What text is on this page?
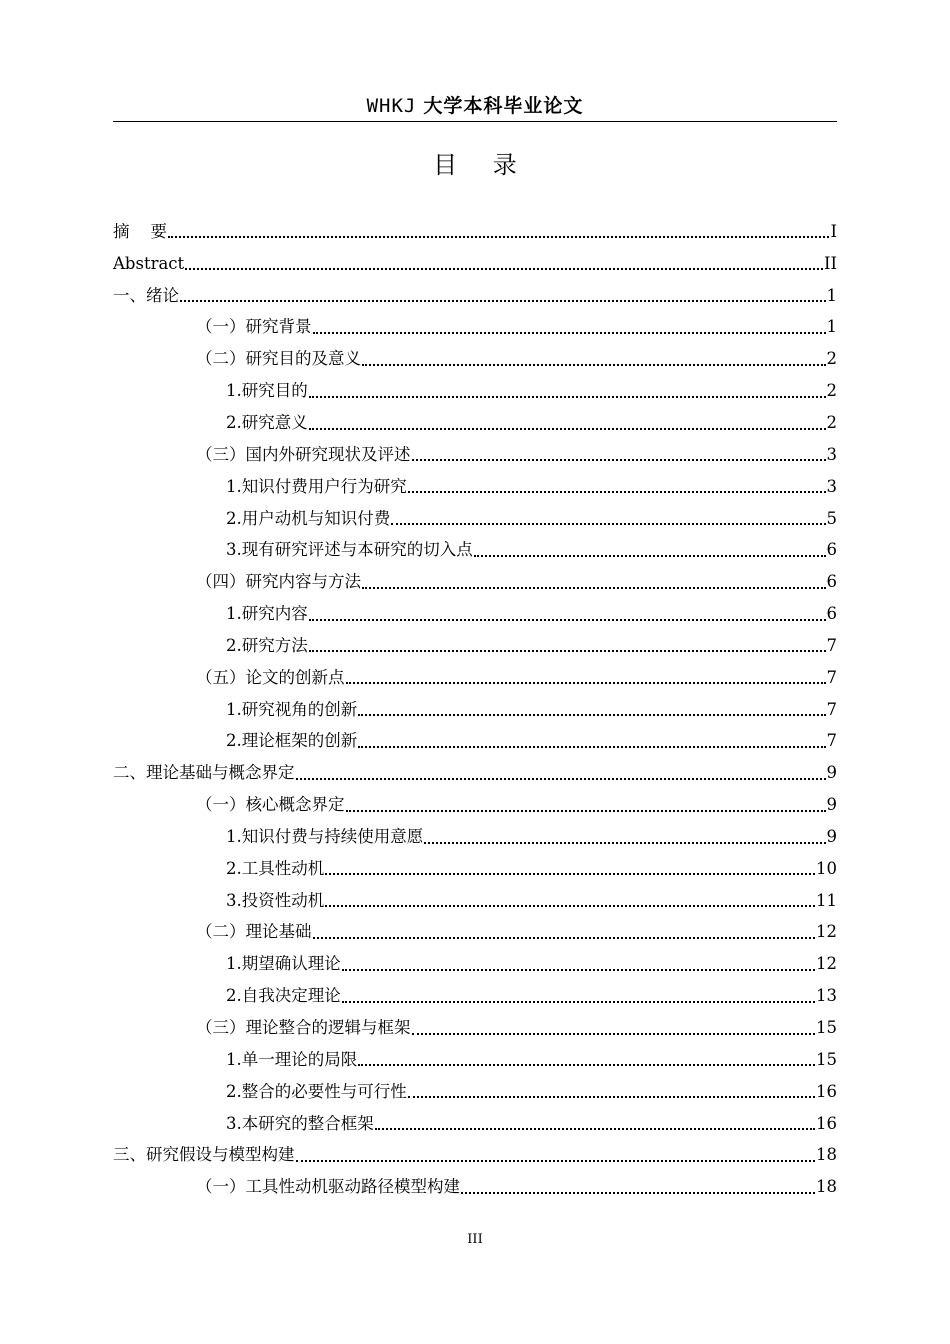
WHKJ 大学本科毕业论文
目 录
摘    要	I
Abstract	II
一、绪论	1
（一）研究背景	1
（二）研究目的及意义	2
1.研究目的	2
2.研究意义	2
（三）国内外研究现状及评述	3
1.知识付费用户行为研究	3
2.用户动机与知识付费	5
3.现有研究评述与本研究的切入点	6
（四）研究内容与方法	6
1.研究内容	6
2.研究方法	7
（五）论文的创新点	7
1.研究视角的创新	7
2.理论框架的创新	7
二、理论基础与概念界定	9
（一）核心概念界定	9
1.知识付费与持续使用意愿	9
2.工具性动机	10
3.投资性动机	11
（二）理论基础	12
1.期望确认理论	12
2.自我决定理论	13
（三）理论整合的逻辑与框架	15
1.单一理论的局限	15
2.整合的必要性与可行性	16
3.本研究的整合框架	16
三、研究假设与模型构建	18
（一）工具性动机驱动路径模型构建	18
III
